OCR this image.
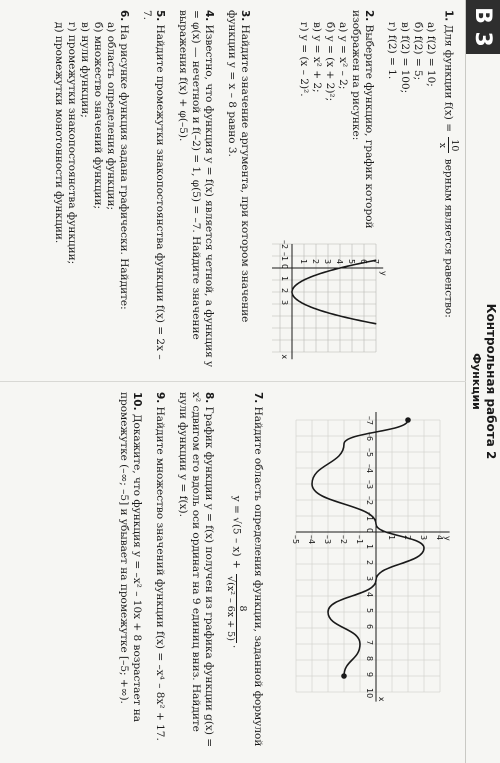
В 3
Контрольная работа 2
Функции

1. Для функции f(x) =
10
x
верным является равенство:

а) f(2) = 10;

б) f(2) = 5;

в) f(2) = 100;

г) f(2) = 1.

2. Выберите функцию, график которой изображен на рисунке:

а) y = x² – 2;

б) y = (x + 2)²;

в) y = x² + 2;

г) y = (x – 2)².

3. Найдите значение аргумента, при котором значение функции y = x – 8 равно 3.

4. Известно, что функция y = f(x) является четной, а функция y = φ(x) — нечетной и f(–2) = 1, φ(5) = –7. Найдите значение выражения f(x) + φ(–5).

5. Найдите промежутки знакопостоянства функции f(x) = 2x – 7.

6. На рисунке функция задана графически. Найдите:

а) область определения функции;

б) множество значений функции;

в) нули функции;

г) промежутки знакопостоянства функции;

д) промежутки монотонности функции.

–2
–1
0
1
2
3
x
7
6
5
4
3
2
1
y
–7
–6
–5
–4
–3
–2
–1
0
1
2
3
4
5
6
7
8
9
10
x
4
3
2
1
–1
–2
–3
–4
–5	y

7. Найдите область определения функции, заданной формулой

y = √(5 – x) +
8
√(x² – 6x + 5)
.

8. График функции y = f(x) получен из графика функции g(x) = x² сдвигом его вдоль оси ординат на 9 единиц вниз. Найдите нули функции y = f(x).

9. Найдите множество значений функции f(x) = –x⁴ – 8x² + 17.

10. Докажите, что функция y = –x² – 10x + 8 возрастает на промежутке (–∞; –5] и убывает на промежутке [–5; +∞).
